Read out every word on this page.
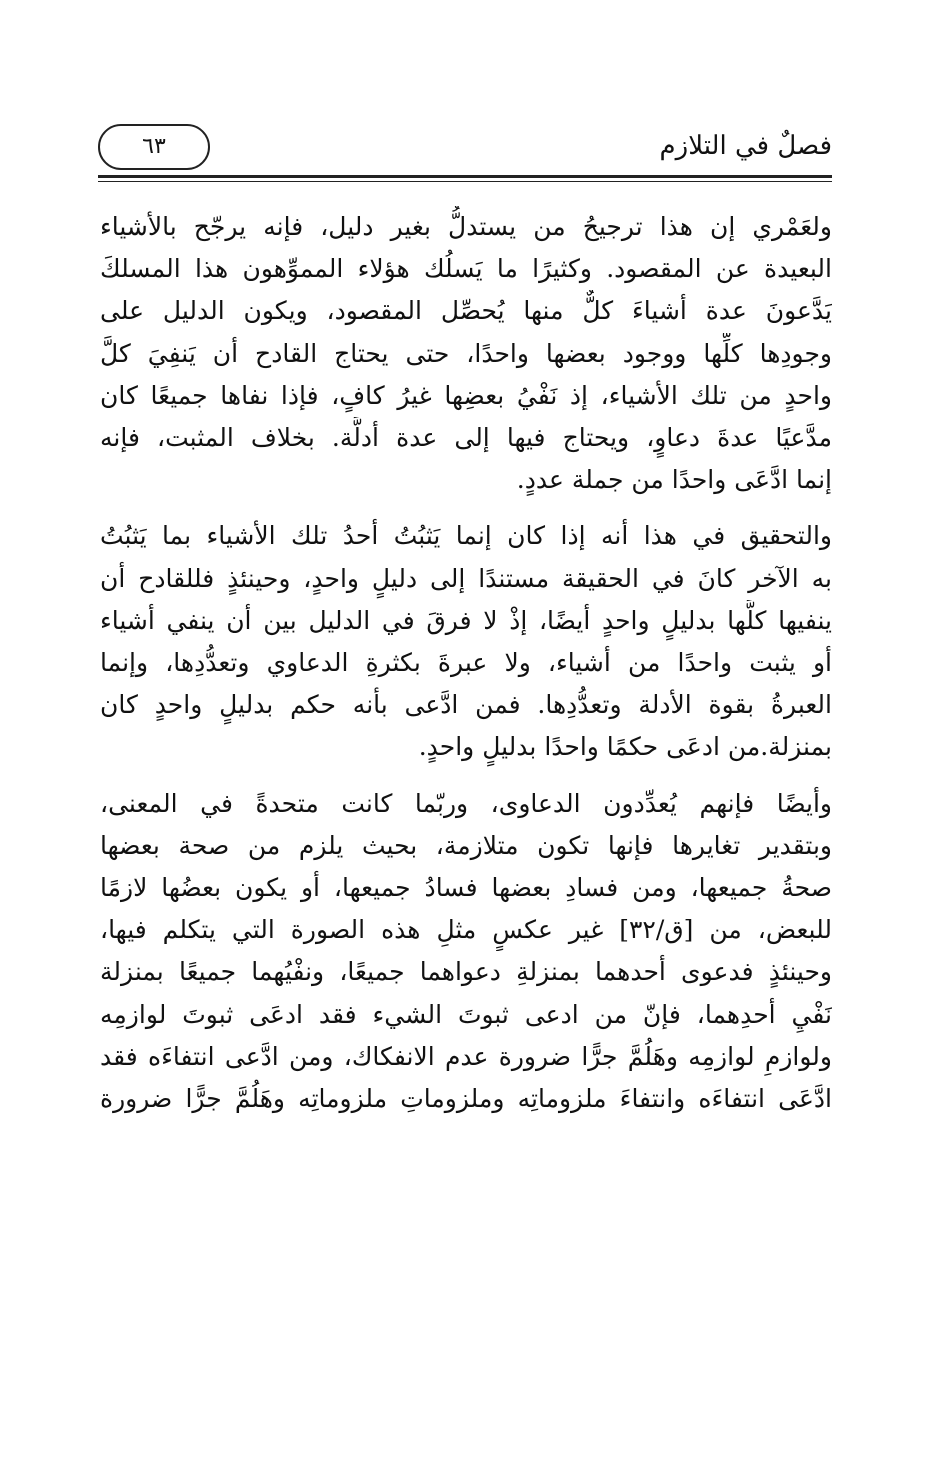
فصلٌ في التلازم
٦٣

ولعَمْري إن هذا ترجيحُ من يستدلُّ بغير دليل، فإنه يرجّح بالأشياء
البعيدة عن المقصود. وكثيرًا ما يَسلُك هؤلاء المموِّهون هذا المسلكَ
يَدَّعونَ عدة أشياءَ كلٌّ منها يُحصِّل المقصود، ويكون الدليل على
وجودِها كلِّها ووجود بعضها واحدًا، حتى يحتاج القادح أن يَنفِيَ كلَّ
واحدٍ من تلك الأشياء، إذ نَفْيُ بعضِها غيرُ كافٍ، فإذا نفاها جميعًا كان
مدَّعيًا عدةَ دعاوٍ، ويحتاج فيها إلى عدة أدلَّة. بخلاف المثبت، فإنه
إنما ادَّعَى واحدًا من جملة عددٍ.

والتحقيق في هذا أنه إذا كان إنما يَثبُتُ أحدُ تلك الأشياء بما يَثبُتُ
به الآخر كانَ في الحقيقة مستندًا إلى دليلٍ واحدٍ، وحينئذٍ فللقادح أن
ينفيها كلَّها بدليلٍ واحدٍ أيضًا، إذْ لا فرقَ في الدليل بين أن ينفي أشياء
أو يثبت واحدًا من أشياء، ولا عبرةَ بكثرةِ الدعاوي وتعدُّدِها، وإنما
العبرةُ بقوة الأدلة وتعدُّدِها. فمن ادَّعى بأنه حكم بدليلٍ واحدٍ كان
بمنزلة.من ادعَى حكمًا واحدًا بدليلٍ واحدٍ.

وأيضًا فإنهم يُعدِّدون الدعاوى، وربّما كانت متحدةً في المعنى،
وبتقدير تغايرها فإنها تكون متلازمة، بحيث يلزم من صحة بعضها
صحةُ جميعها، ومن فسادِ بعضها فسادُ جميعها، أو يكون بعضُها لازمًا
للبعض، من [ق/٣٢] غير عكسٍ مثلِ هذه الصورة التي يتكلم فيها،
وحينئذٍ فدعوى أحدهما بمنزلةِ دعواهما جميعًا، ونفْيُهما جميعًا بمنزلة
نَفْيِ أحدِهما، فإنّ من ادعى ثبوتَ الشيء فقد ادعَى ثبوتَ لوازمِه
ولوازمِ لوازمِه وهَلُمَّ جرًّا ضرورة عدم الانفكاك، ومن ادَّعى انتفاءَه فقد
ادَّعَى انتفاءَه وانتفاءَ ملزوماتِه وملزوماتِ ملزوماتِه وهَلُمَّ جرًّا ضرورة
